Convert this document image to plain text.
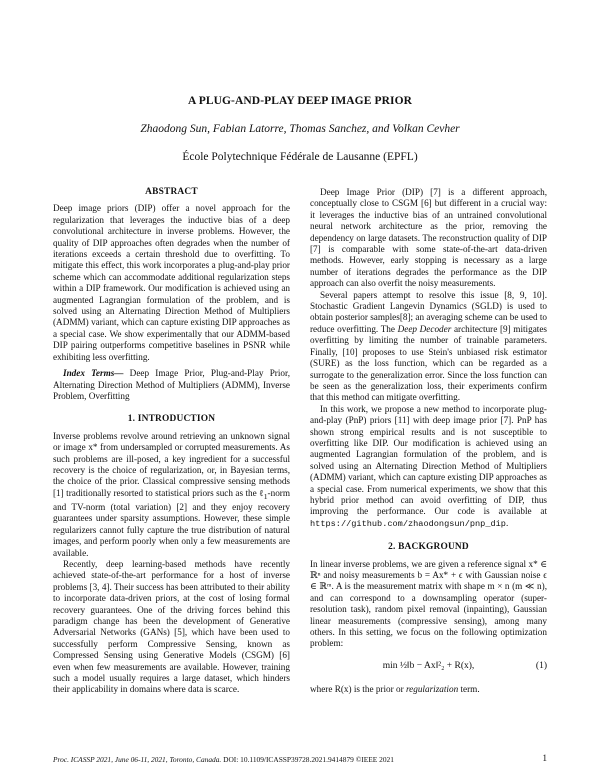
A PLUG-AND-PLAY DEEP IMAGE PRIOR
Zhaodong Sun, Fabian Latorre, Thomas Sanchez, and Volkan Cevher
École Polytechnique Fédérale de Lausanne (EPFL)
ABSTRACT

Deep image priors (DIP) offer a novel approach for the regularization that leverages the inductive bias of a deep convolutional architecture in inverse problems. However, the quality of DIP approaches often degrades when the number of iterations exceeds a certain threshold due to overfitting. To mitigate this effect, this work incorporates a plug-and-play prior scheme which can accommodate additional regularization steps within a DIP framework. Our modification is achieved using an augmented Lagrangian formulation of the problem, and is solved using an Alternating Direction Method of Multipliers (ADMM) variant, which can capture existing DIP approaches as a special case. We show experimentally that our ADMM-based DIP pairing outperforms competitive baselines in PSNR while exhibiting less overfitting.

Index Terms— Deep Image Prior, Plug-and-Play Prior, Alternating Direction Method of Multipliers (ADMM), Inverse Problem, Overfitting

1. INTRODUCTION

Inverse problems revolve around retrieving an unknown signal or image x* from undersampled or corrupted measurements. As such problems are ill-posed, a key ingredient for a successful recovery is the choice of regularization, or, in Bayesian terms, the choice of the prior. Classical compressive sensing methods [1] traditionally resorted to statistical priors such as the ℓ$_1$-norm and TV-norm (total variation) [2] and they enjoy recovery guarantees under sparsity assumptions. However, these simple regularizers cannot fully capture the true distribution of natural images, and perform poorly when only a few measurements are available.

Recently, deep learning-based methods have recently achieved state-of-the-art performance for a host of inverse problems [3, 4]. Their success has been attributed to their ability to incorporate data-driven priors, at the cost of losing formal recovery guarantees. One of the driving forces behind this paradigm change has been the development of Generative Adversarial Networks (GANs) [5], which have been used to successfully perform Compressive Sensing, known as Compressed Sensing using Generative Models (CSGM) [6] even when few measurements are available. However, training such a model usually requires a large dataset, which hinders their applicability in domains where data is scarce.

Deep Image Prior (DIP) [7] is a different approach, conceptually close to CSGM [6] but different in a crucial way: it leverages the inductive bias of an untrained convolutional neural network architecture as the prior, removing the dependency on large datasets. The reconstruction quality of DIP [7] is comparable with some state-of-the-art data-driven methods. However, early stopping is necessary as a large number of iterations degrades the performance as the DIP approach can also overfit the noisy measurements.

Several papers attempt to resolve this issue [8, 9, 10]. Stochastic Gradient Langevin Dynamics (SGLD) is used to obtain posterior samples[8]; an averaging scheme can be used to reduce overfitting. The Deep Decoder architecture [9] mitigates overfitting by limiting the number of trainable parameters. Finally, [10] proposes to use Stein's unbiased risk estimator (SURE) as the loss function, which can be regarded as a surrogate to the generalization error. Since the loss function can be seen as the generalization loss, their experiments confirm that this method can mitigate overfitting.

In this work, we propose a new method to incorporate plug-and-play (PnP) priors [11] with deep image prior [7]. PnP has shown strong empirical results and is not susceptible to overfitting like DIP. Our modification is achieved using an augmented Lagrangian formulation of the problem, and is solved using an Alternating Direction Method of Multipliers (ADMM) variant, which can capture existing DIP approaches as a special case. From numerical experiments, we show that this hybrid prior method can avoid overfitting of DIP, thus improving the performance. Our code is available at https://github.com/zhaodongsun/pnp_dip.

2. BACKGROUND

In linear inverse problems, we are given a reference signal x* ∈ ℝⁿ and noisy measurements b = Ax* + ϵ with Gaussian noise ϵ ∈ ℝᵐ. A is the measurement matrix with shape m × n (m ≪ n), and can correspond to a downsampling operator (super-resolution task), random pixel removal (inpainting), Gaussian linear measurements (compressive sensing), among many others. In this setting, we focus on the following optimization problem:

min ½‖b − Ax‖²₂ + R(x),	(1)

where R(x) is the prior or regularization term.

Proc. ICASSP 2021, June 06-11, 2021, Toronto, Canada. DOI: 10.1109/ICASSP39728.2021.9414879 ©IEEE 2021	1
